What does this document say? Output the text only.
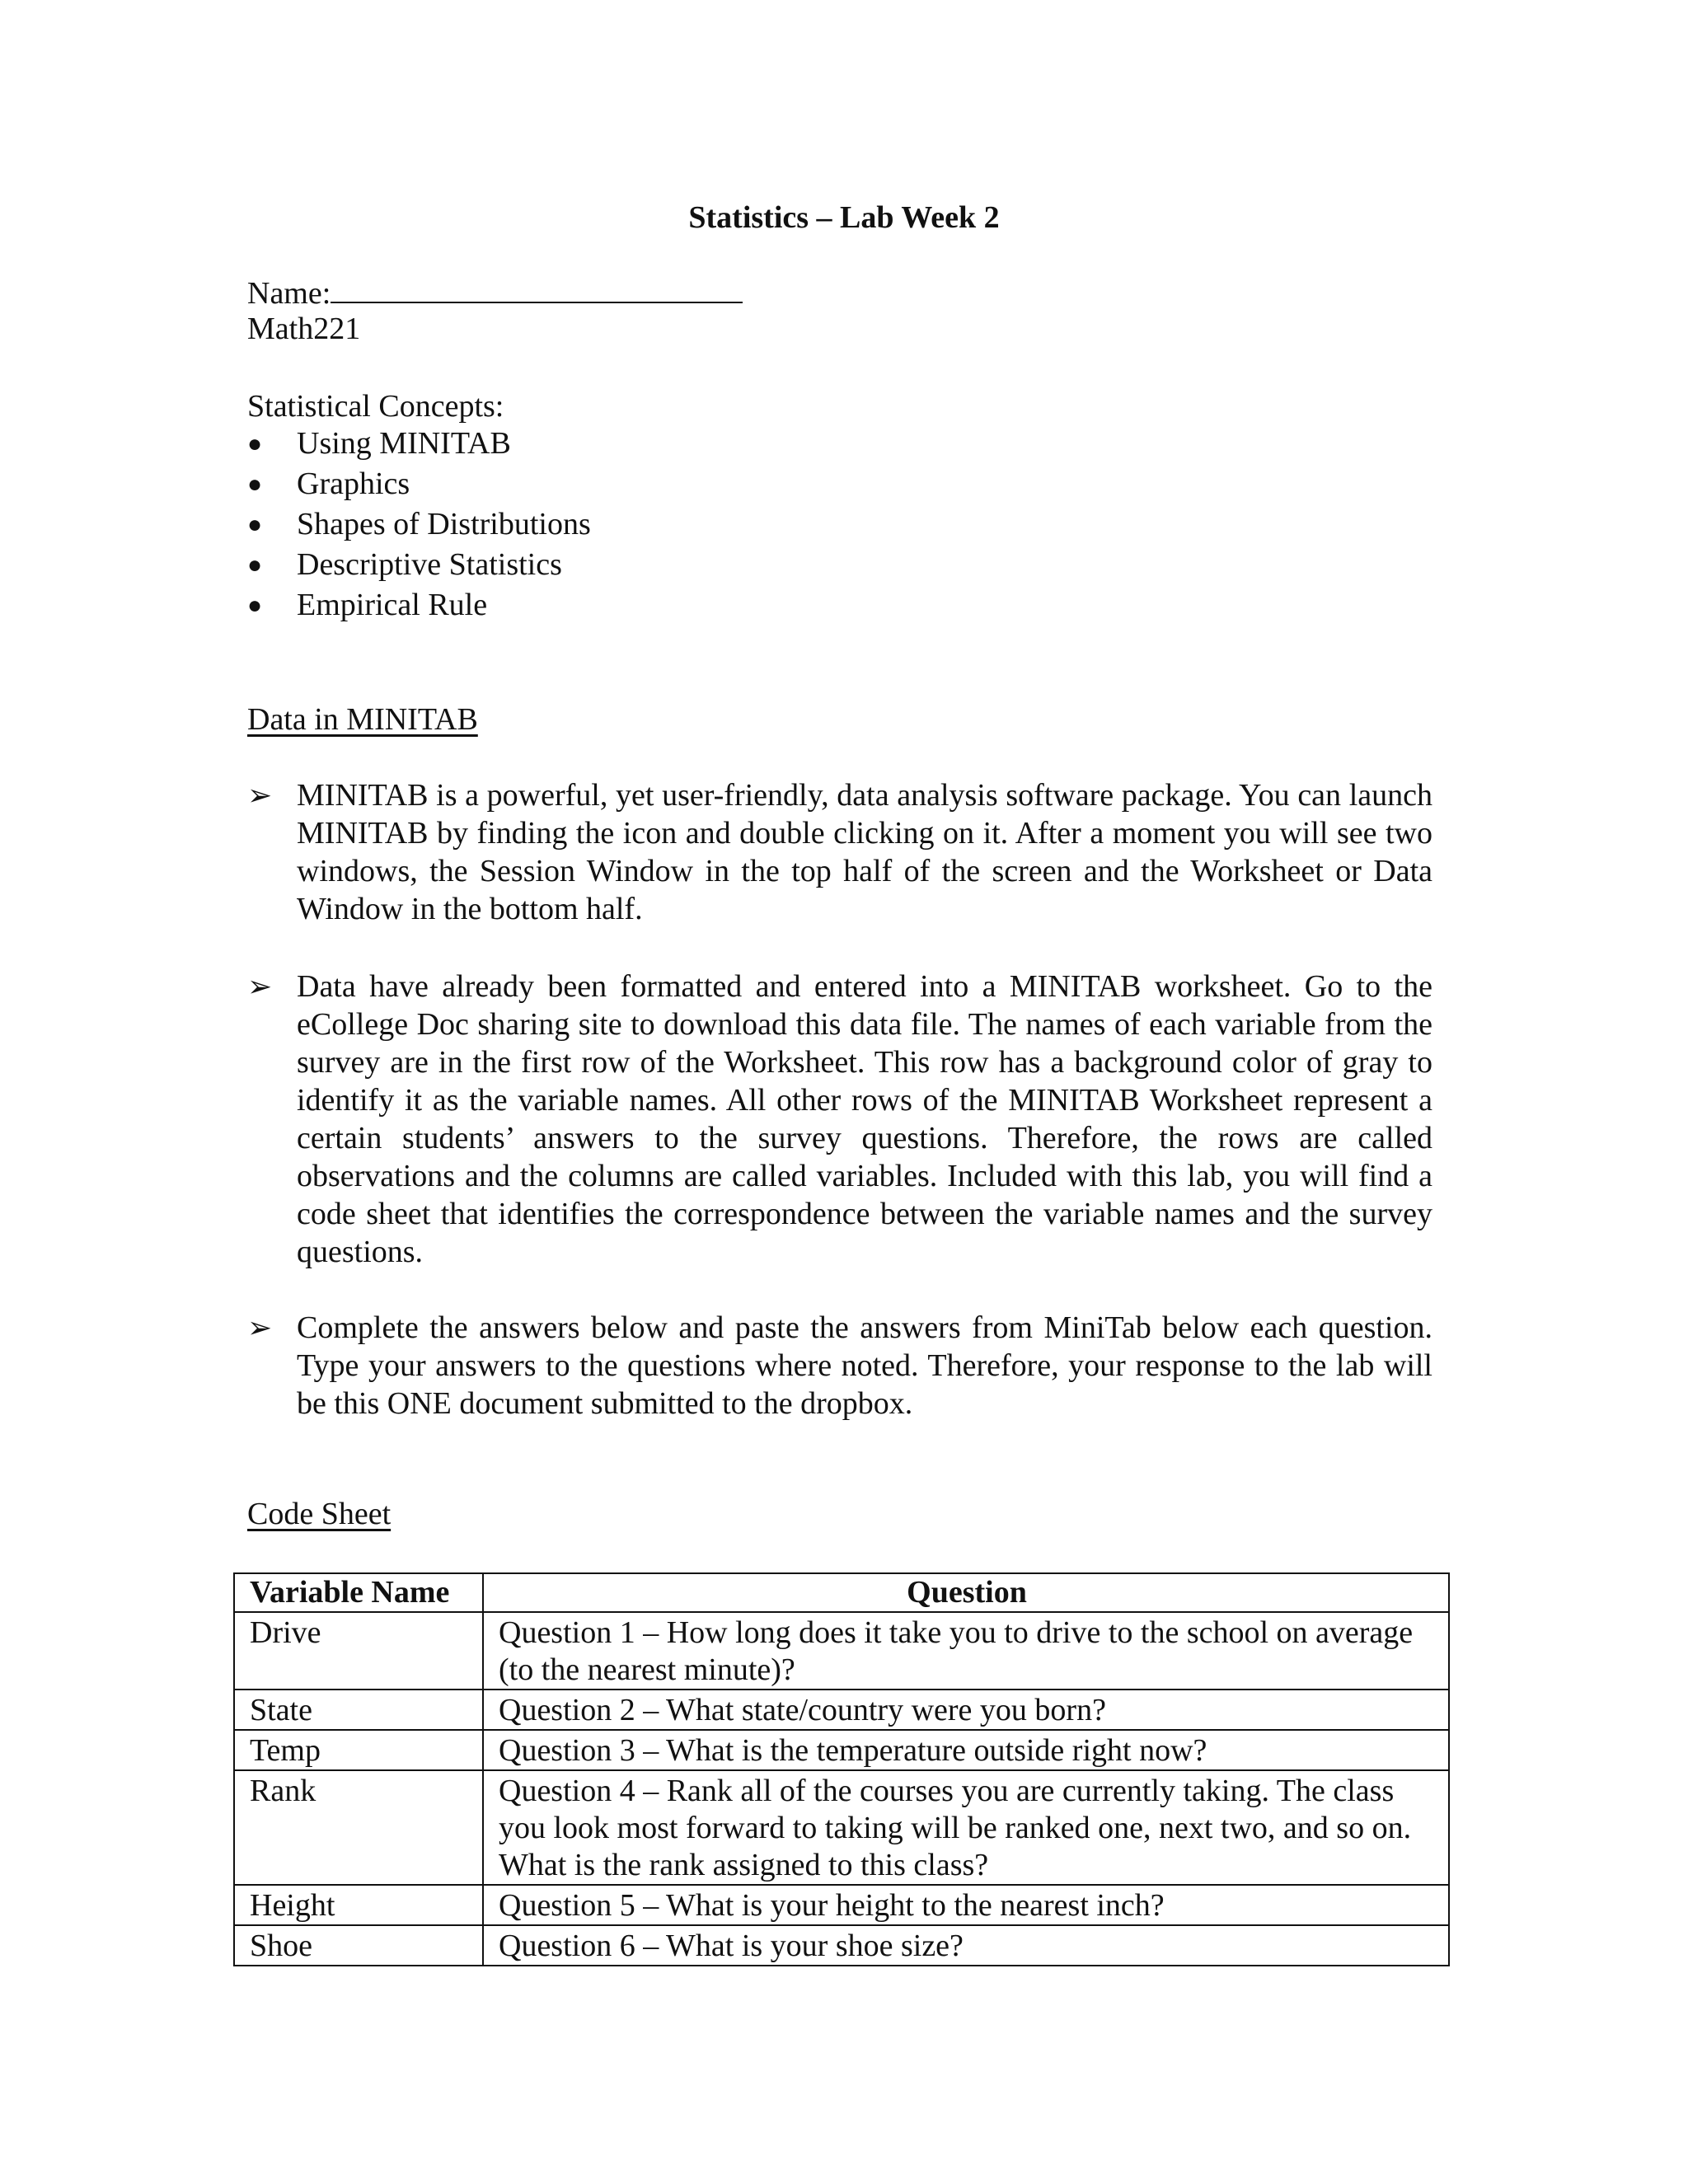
Statistics – Lab Week 2
Name:
Math221
Statistical Concepts:
●	Using MINITAB
●	Graphics
●	Shapes of Distributions
●	Descriptive Statistics
●	Empirical Rule
Data in MINITAB
➢ MINITAB is a powerful, yet user-friendly, data analysis software package. You can launch MINITAB by finding the icon and double clicking on it. After a moment you will see two windows, the Session Window in the top half of the screen and the Worksheet or Data Window in the bottom half.
➢ Data have already been formatted and entered into a MINITAB worksheet. Go to the eCollege Doc sharing site to download this data file. The names of each variable from the survey are in the first row of the Worksheet. This row has a background color of gray to identify it as the variable names. All other rows of the MINITAB Worksheet represent a certain students’ answers to the survey questions. Therefore, the rows are called observations and the columns are called variables. Included with this lab, you will find a code sheet that identifies the correspondence between the variable names and the survey questions.
➢ Complete the answers below and paste the answers from MiniTab below each question. Type your answers to the questions where noted. Therefore, your response to the lab will be this ONE document submitted to the dropbox.
Code Sheet
Variable Name	Question
Drive	Question 1 – How long does it take you to drive to the school on average (to the nearest minute)?
State	Question 2 – What state/country were you born?
Temp	Question 3 – What is the temperature outside right now?
Rank	Question 4 – Rank all of the courses you are currently taking. The class you look most forward to taking will be ranked one, next two, and so on. What is the rank assigned to this class?
Height	Question 5 – What is your height to the nearest inch?
Shoe	Question 6 – What is your shoe size?
